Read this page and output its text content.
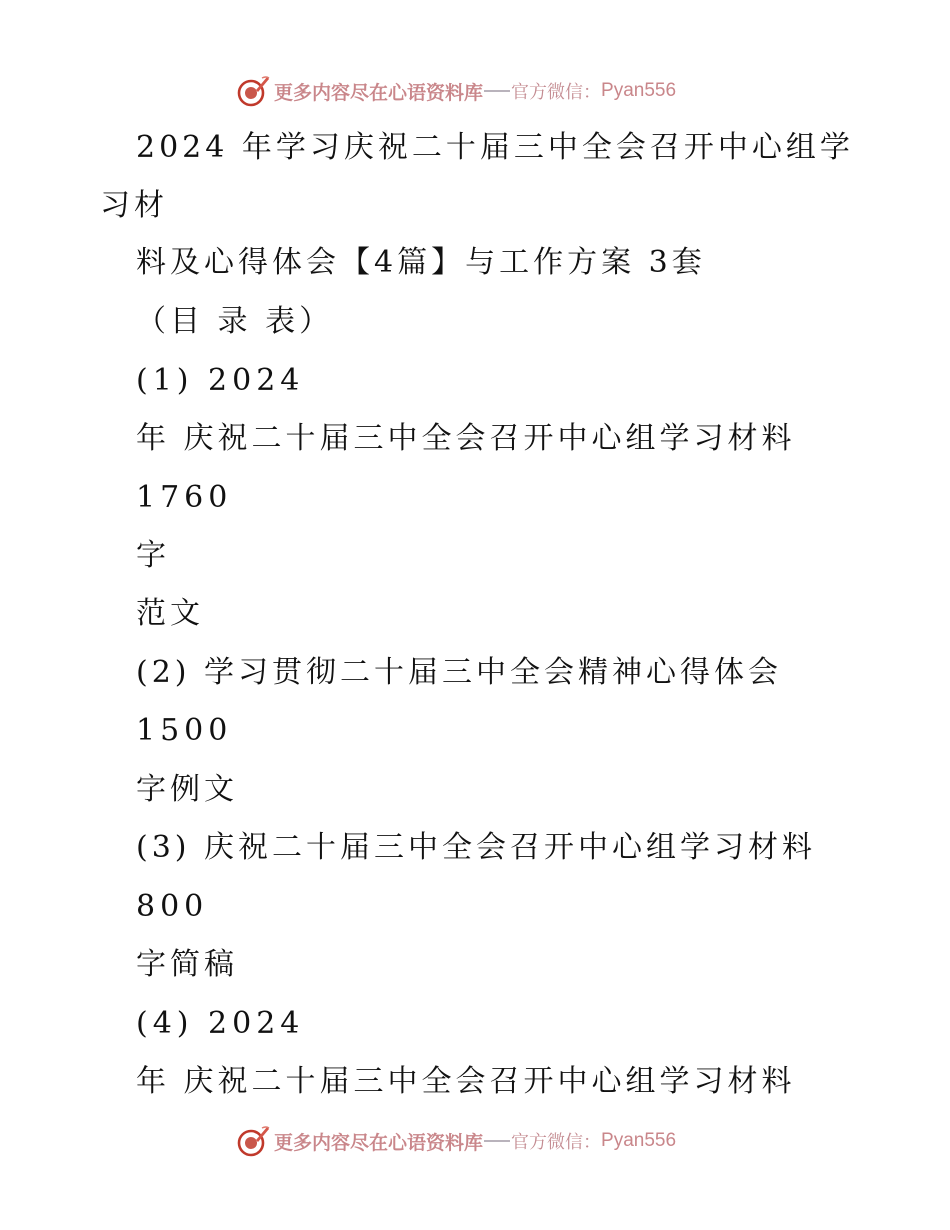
更多内容尽在心语资料库 官方微信： Pyan556
2024 年学习庆祝二十届三中全会召开中心组学
习材
料及心得体会【4篇】与工作方案 3套
（目 录 表）
(1) 2024
年 庆祝二十届三中全会召开中心组学习材料
1760
字
范文
(2) 学习贯彻二十届三中全会精神心得体会
1500
字例文
(3) 庆祝二十届三中全会召开中心组学习材料
800
字简稿
(4) 2024
年 庆祝二十届三中全会召开中心组学习材料
更多内容尽在心语资料库 官方微信： Pyan556
